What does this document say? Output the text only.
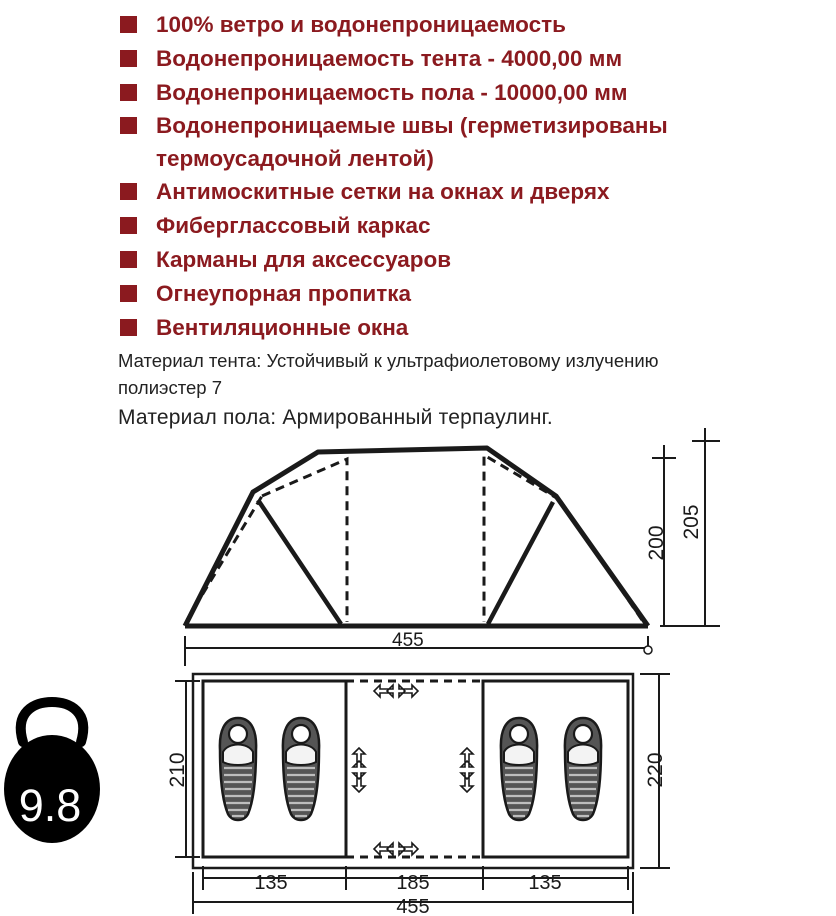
100% ветро и водонепроницаемость
Водонепроницаемость тента - 4000,00 мм
Водонепроницаемость пола - 10000,00 мм
Водонепроницаемые швы (герметизированы термоусадочной лентой)
Антимоскитные сетки на окнах и дверях
Фиберглассовый каркас
Карманы для аксессуаров
Огнеупорная пропитка
Вентиляционные окна
Материал тента: Устойчивый к ультрафиолетовому излучению
полиэстер 7
Материал пола: Армированный терпаулинг.
455
200
205
210	220
135	185	135
455
9.8
